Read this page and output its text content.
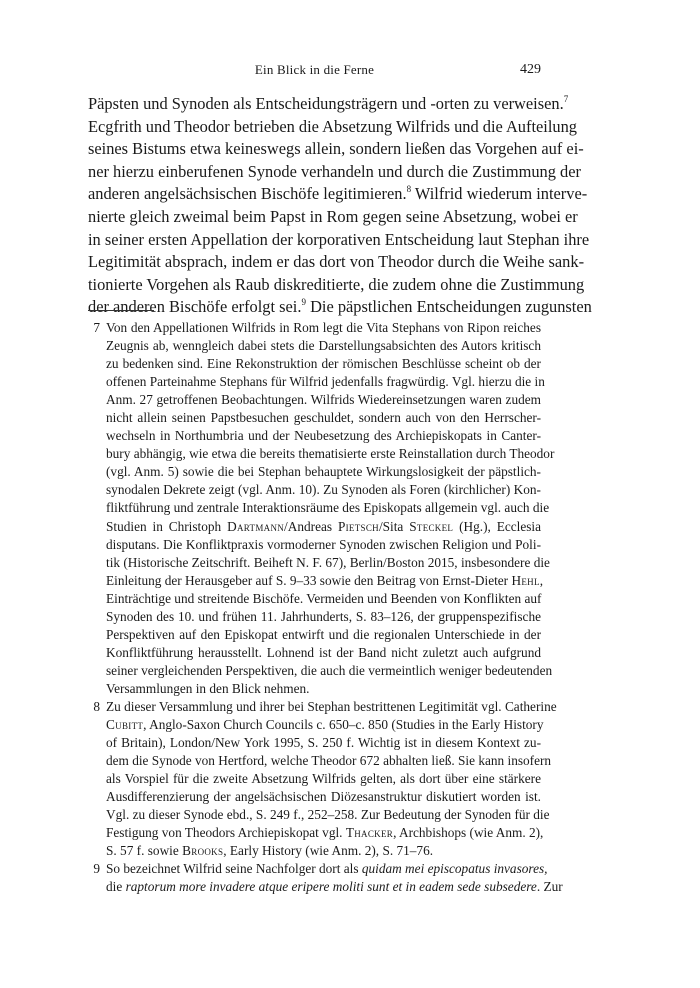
Ein Blick in die Ferne	429
Päpsten und Synoden als Entscheidungsträgern und -orten zu verweisen.$^7$
Ecgfrith und Theodor betrieben die Absetzung Wilfrids und die Aufteilung
seines Bistums etwa keineswegs allein, sondern ließen das Vorgehen auf ei-
ner hierzu einberufenen Synode verhandeln und durch die Zustimmung der
anderen angelsächsischen Bischöfe legitimieren.$^8$ Wilfrid wiederum interve-
nierte gleich zweimal beim Papst in Rom gegen seine Absetzung, wobei er
in seiner ersten Appellation der korporativen Entscheidung laut Stephan ihre
Legitimität absprach, indem er das dort von Theodor durch die Weihe sank-
tionierte Vorgehen als Raub diskreditierte, die zudem ohne die Zustimmung
der anderen Bischöfe erfolgt sei.$^9$ Die päpstlichen Entscheidungen zugunsten
7 Von den Appellationen Wilfrids in Rom legt die Vita Stephans von Ripon reiches
Zeugnis ab, wenngleich dabei stets die Darstellungsabsichten des Autors kritisch
zu bedenken sind. Eine Rekonstruktion der römischen Beschlüsse scheint ob der
offenen Parteinahme Stephans für Wilfrid jedenfalls fragwürdig. Vgl. hierzu die in
Anm. 27 getroffenen Beobachtungen. Wilfrids Wiedereinsetzungen waren zudem
nicht allein seinen Papstbesuchen geschuldet, sondern auch von den Herrscher-
wechseln in Northumbria und der Neubesetzung des Archiepiskopats in Canter-
bury abhängig, wie etwa die bereits thematisierte erste Reinstallation durch Theodor
(vgl. Anm. 5) sowie die bei Stephan behauptete Wirkungslosigkeit der päpstlich-
synodalen Dekrete zeigt (vgl. Anm. 10). Zu Synoden als Foren (kirchlicher) Kon-
fliktführung und zentrale Interaktionsräume des Episkopats allgemein vgl. auch die
Studien in Christoph Dartmann/Andreas Pietsch/Sita Steckel (Hg.), Ecclesia
disputans. Die Konfliktpraxis vormoderner Synoden zwischen Religion und Poli-
tik (Historische Zeitschrift. Beiheft N. F. 67), Berlin/Boston 2015, insbesondere die
Einleitung der Herausgeber auf S. 9–33 sowie den Beitrag von Ernst-Dieter Hehl,
Einträchtige und streitende Bischöfe. Vermeiden und Beenden von Konflikten auf
Synoden des 10. und frühen 11. Jahrhunderts, S. 83–126, der gruppenspezifische
Perspektiven auf den Episkopat entwirft und die regionalen Unterschiede in der
Konfliktführung herausstellt. Lohnend ist der Band nicht zuletzt auch aufgrund
seiner vergleichenden Perspektiven, die auch die vermeintlich weniger bedeutenden
Versammlungen in den Blick nehmen.
8 Zu dieser Versammlung und ihrer bei Stephan bestrittenen Legitimität vgl. Catherine
Cubitt, Anglo-Saxon Church Councils c. 650–c. 850 (Studies in the Early History
of Britain), London/New York 1995, S. 250 f. Wichtig ist in diesem Kontext zu-
dem die Synode von Hertford, welche Theodor 672 abhalten ließ. Sie kann insofern
als Vorspiel für die zweite Absetzung Wilfrids gelten, als dort über eine stärkere
Ausdifferenzierung der angelsächsischen Diözesanstruktur diskutiert worden ist.
Vgl. zu dieser Synode ebd., S. 249 f., 252–258. Zur Bedeutung der Synoden für die
Festigung von Theodors Archiepiskopat vgl. Thacker, Archbishops (wie Anm. 2),
S. 57 f. sowie Brooks, Early History (wie Anm. 2), S. 71–76.
9 So bezeichnet Wilfrid seine Nachfolger dort als quidam mei episcopatus invasores,
die raptorum more invadere atque eripere moliti sunt et in eadem sede subsedere. Zur
